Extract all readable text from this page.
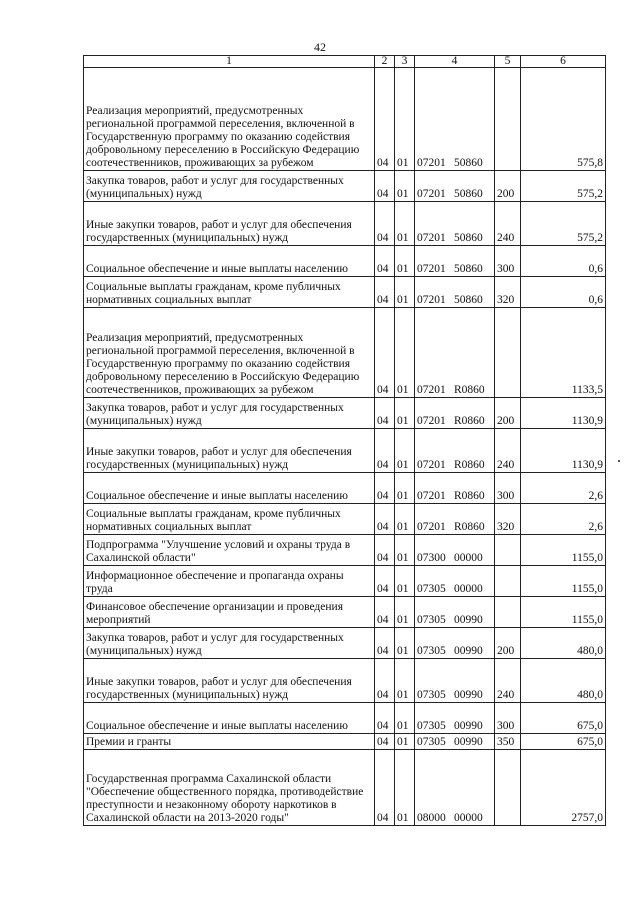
42
1	2	3	4	5	6
Реализация мероприятий, предусмотренных региональной программой переселения, включенной в Государственную программу по оказанию содействия добровольному переселению в Российскую Федерацию соотечественников, проживающих за рубежом	04	01	07201 50860		575,8
Закупка товаров, работ и услуг для государственных (муниципальных) нужд	04	01	07201 50860	200	575,2
Иные закупки товаров, работ и услуг для обеспечения государственных (муниципальных) нужд	04	01	07201 50860	240	575,2
Социальное обеспечение и иные выплаты населению	04	01	07201 50860	300	0,6
Социальные выплаты гражданам, кроме публичных нормативных социальных выплат	04	01	07201 50860	320	0,6
Реализация мероприятий, предусмотренных региональной программой переселения, включенной в Государственную программу по оказанию содействия добровольному переселению в Российскую Федерацию соотечественников, проживающих за рубежом	04	01	07201 R0860		1133,5
Закупка товаров, работ и услуг для государственных (муниципальных) нужд	04	01	07201 R0860	200	1130,9
Иные закупки товаров, работ и услуг для обеспечения государственных (муниципальных) нужд	04	01	07201 R0860	240	1130,9
Социальное обеспечение и иные выплаты населению	04	01	07201 R0860	300	2,6
Социальные выплаты гражданам, кроме публичных нормативных социальных выплат	04	01	07201 R0860	320	2,6
Подпрограмма "Улучшение условий и охраны труда в Сахалинской области"	04	01	07300 00000		1155,0
Информационное обеспечение и пропаганда охраны труда	04	01	07305 00000		1155,0
Финансовое обеспечение организации и проведения мероприятий	04	01	07305 00990		1155,0
Закупка товаров, работ и услуг для государственных (муниципальных) нужд	04	01	07305 00990	200	480,0
Иные закупки товаров, работ и услуг для обеспечения государственных (муниципальных) нужд	04	01	07305 00990	240	480,0
Социальное обеспечение и иные выплаты населению	04	01	07305 00990	300	675,0
Премии и гранты	04	01	07305 00990	350	675,0
Государственная программа Сахалинской области "Обеспечение общественного порядка, противодействие преступности и незаконному обороту наркотиков в Сахалинской области на 2013-2020 годы"	04	01	08000 00000		2757,0
